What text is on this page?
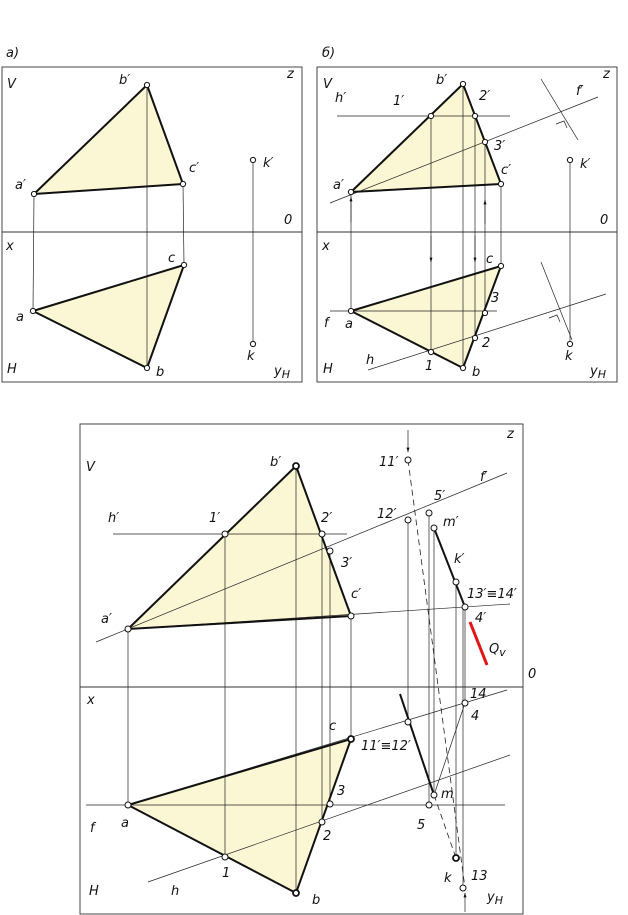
а)
V
z
b′
c′	k′
a′
0
x
c
a
k
H	b	$y_H$
б)
V
z
b′
h′	1′	2′	f′
3′
c′	k′
a′
0
x
c
3
f a
2
k
h	1
H	b	$y_H$
z
V	b′	11′
5′
f′
h′	1′	2′	12′
m′
3′	k′
13′≡14′
c′
a′	4′
$Q_v$
0
x	14
4
c
11′≡12′
3	m
f a
2
5
1	k
H	h
b
13
$y_H$
